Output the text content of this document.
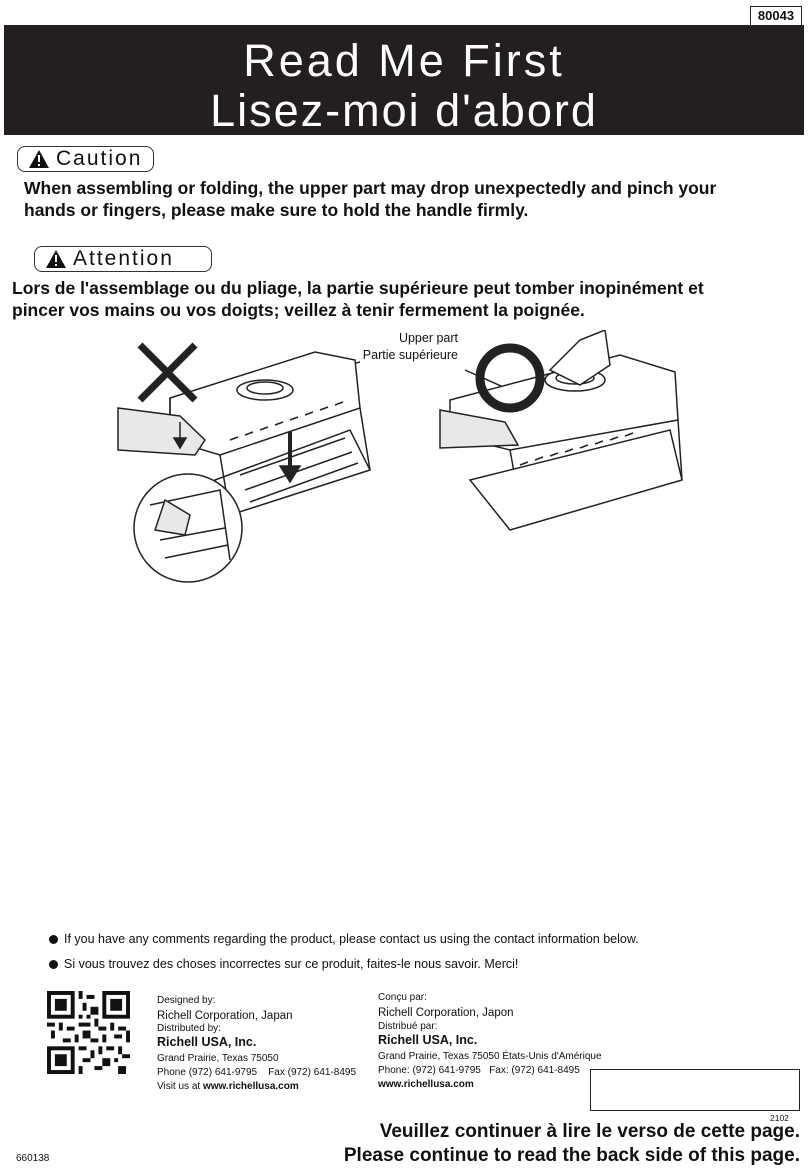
80043
Read Me First
Lisez-moi d'abord
Caution
When assembling or folding, the upper part may drop unexpectedly and pinch your
hands or fingers, please make sure to hold the handle firmly.
Attention
Lors de l'assemblage ou du pliage, la partie supérieure peut tomber inopinément et
pincer vos mains ou vos doigts; veillez à tenir fermement la poignée.
Upper part
Partie supérieure
If you have any comments regarding the product, please contact us using the contact information below.
Si vous trouvez des choses incorrectes sur ce produit, faites-le nous savoir. Merci!
Designed by:
Richell Corporation, Japan
Distributed by:
Richell USA, Inc.
Grand Prairie, Texas 75050
Phone (972) 641-9795    Fax (972) 641-8495
Visit us at www.richellusa.com
Conçu par:
Richell Corporation, Japon
Distribué par:
Richell USA, Inc.
Grand Prairie, Texas 75050 États-Unis d'Amérique
Phone: (972) 641-9795   Fax: (972) 641-8495
www.richellusa.com
2102
660138
Veuillez continuer à lire le verso de cette page.
Please continue to read the back side of this page.
